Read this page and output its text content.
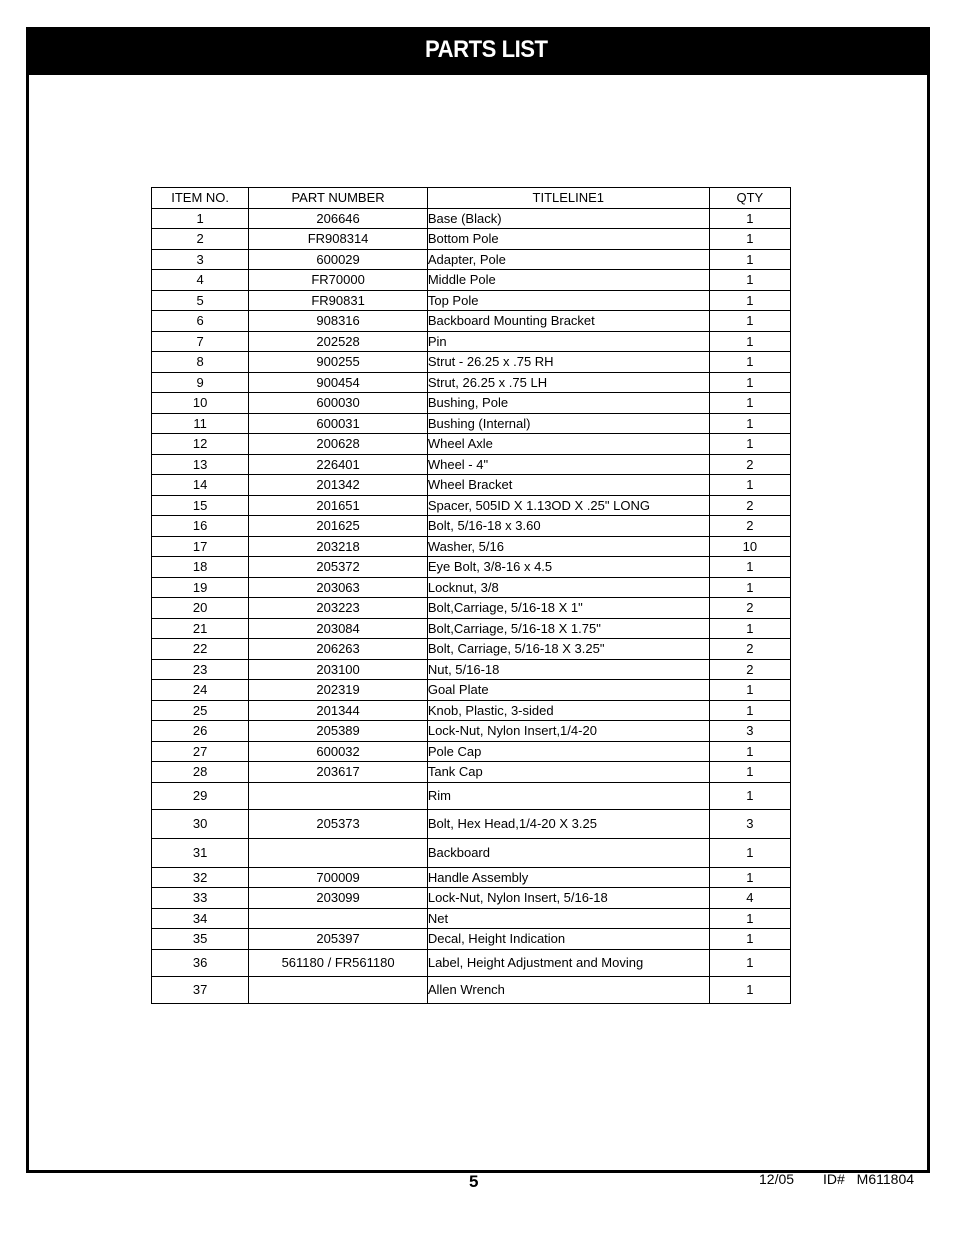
PARTS LIST
ITEM NO.	PART NUMBER	TITLELINE1	QTY
1	206646	Base (Black)	1
2	FR908314	Bottom Pole	1
3	600029	Adapter, Pole	1
4	FR70000	Middle Pole	1
5	FR90831	Top Pole	1
6	908316	Backboard Mounting Bracket	1
7	202528	Pin	1
8	900255	Strut - 26.25 x .75 RH	1
9	900454	Strut, 26.25 x .75 LH	1
10	600030	Bushing, Pole	1
11	600031	Bushing (Internal)	1
12	200628	Wheel Axle	1
13	226401	Wheel - 4"	2
14	201342	Wheel Bracket	1
15	201651	Spacer, 505ID X 1.13OD X .25" LONG	2
16	201625	Bolt, 5/16-18 x 3.60	2
17	203218	Washer, 5/16	10
18	205372	Eye Bolt, 3/8-16 x 4.5	1
19	203063	Locknut, 3/8	1
20	203223	Bolt,Carriage, 5/16-18 X 1"	2
21	203084	Bolt,Carriage, 5/16-18 X 1.75"	1
22	206263	Bolt, Carriage, 5/16-18 X 3.25"	2
23	203100	Nut, 5/16-18	2
24	202319	Goal Plate	1
25	201344	Knob, Plastic, 3-sided	1
26	205389	Lock-Nut, Nylon Insert,1/4-20	3
27	600032	Pole Cap	1
28	203617	Tank Cap	1
29		Rim	1
30	205373	Bolt, Hex Head,1/4-20 X 3.25	3
31		Backboard	1
32	700009	Handle Assembly	1
33	203099	Lock-Nut, Nylon Insert, 5/16-18	4
34		Net	1
35	205397	Decal, Height Indication	1
36	561180 / FR561180	Label, Height Adjustment and Moving	1
37		Allen Wrench	1
5	12/05 ID# M611804
